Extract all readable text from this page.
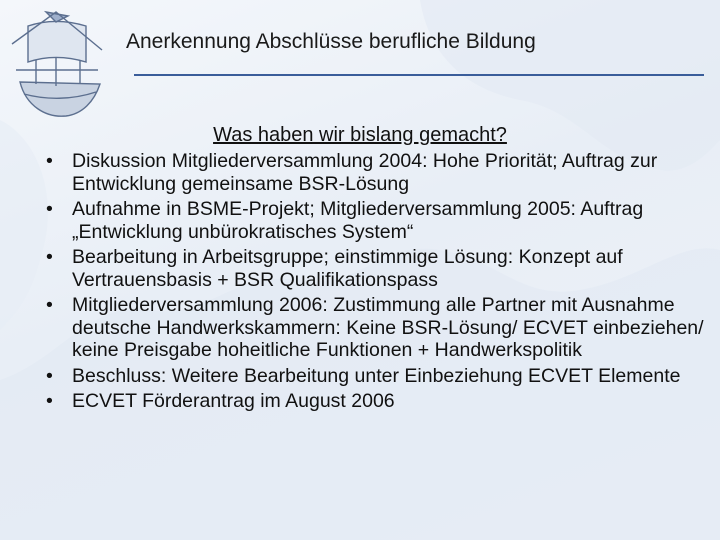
Anerkennung Abschlüsse berufliche Bildung
Was haben wir bislang gemacht?
• Diskussion Mitgliederversammlung 2004: Hohe Priorität; Auftrag zur Entwicklung gemeinsame BSR-Lösung
• Aufnahme in BSME-Projekt; Mitgliederversammlung 2005: Auftrag „Entwicklung unbürokratisches System“
• Bearbeitung in Arbeitsgruppe; einstimmige Lösung: Konzept auf Vertrauensbasis + BSR Qualifikationspass
• Mitgliederversammlung 2006: Zustimmung alle Partner mit Ausnahme deutsche Handwerkskammern: Keine BSR-Lösung/ ECVET einbeziehen/ keine Preisgabe hoheitliche Funktionen + Handwerkspolitik
• Beschluss: Weitere Bearbeitung unter Einbeziehung ECVET Elemente
• ECVET Förderantrag im August 2006
